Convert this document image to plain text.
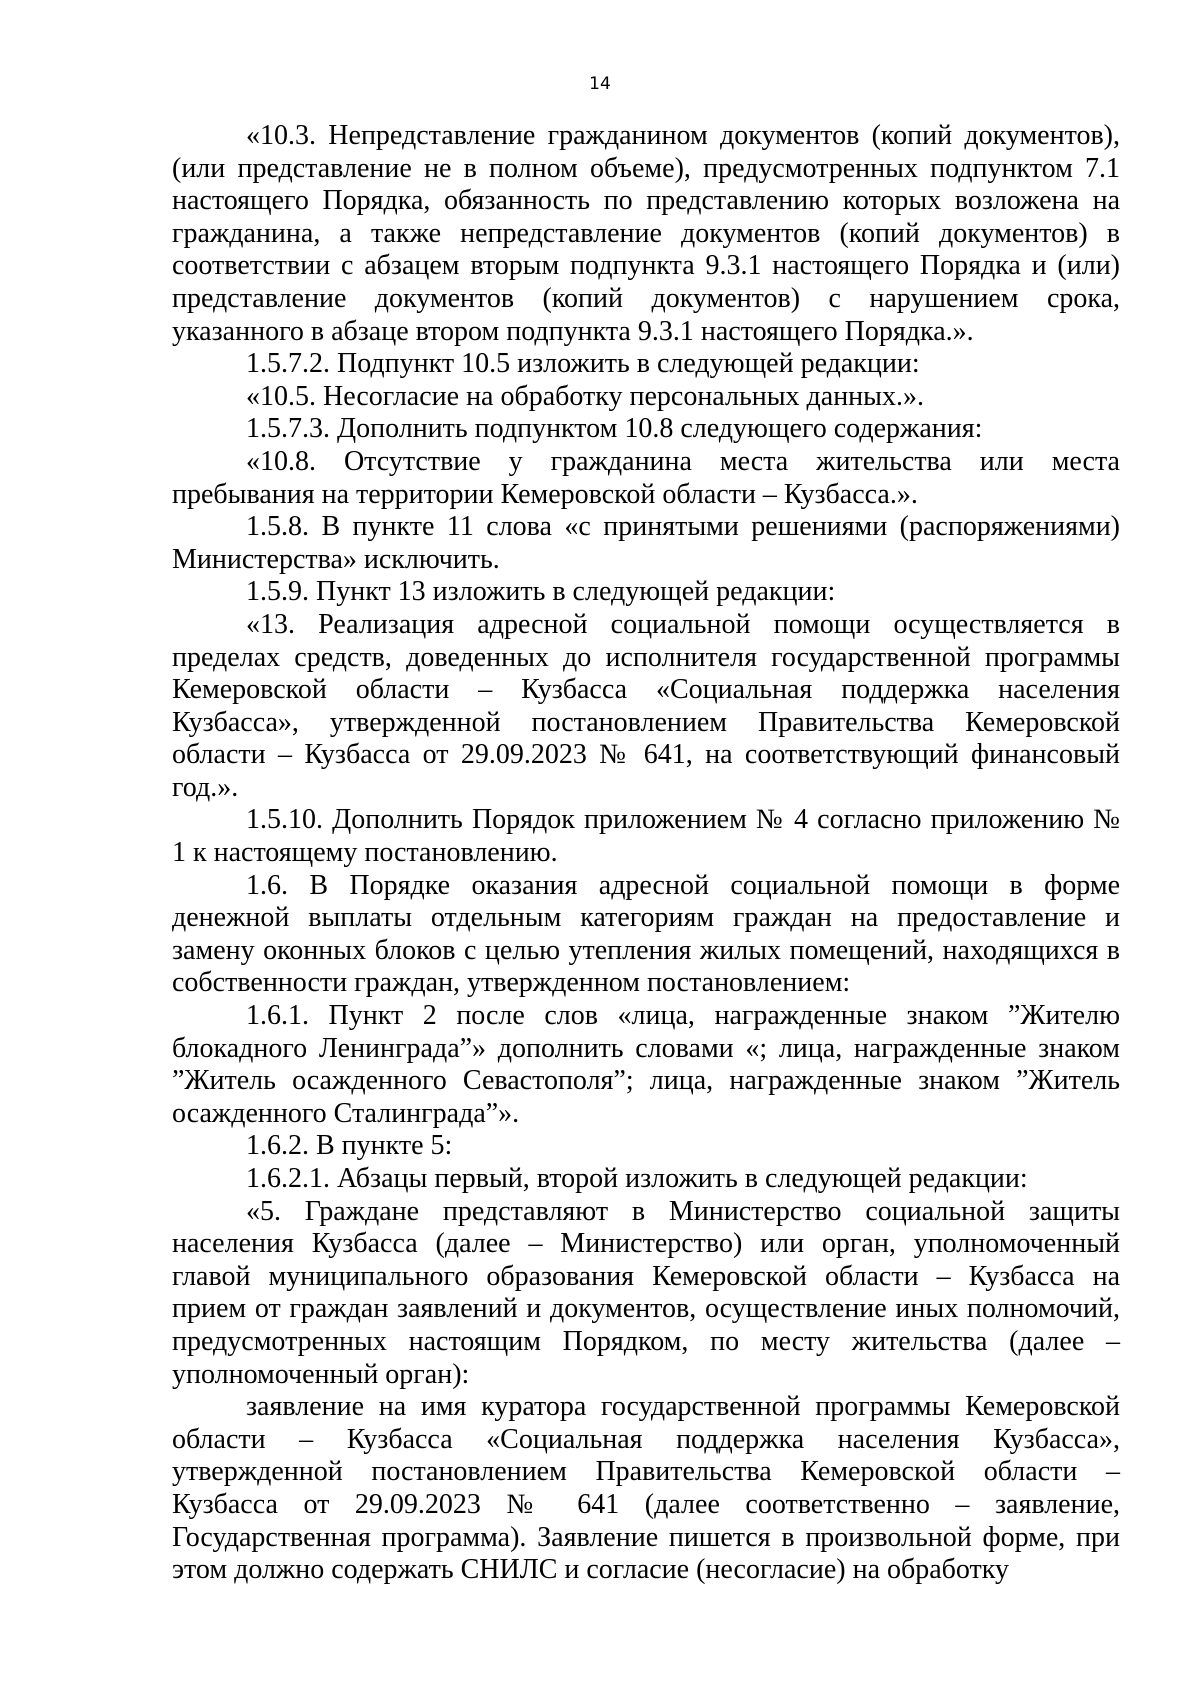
14

«10.3. Непредставление гражданином документов (копий документов), (или представление не в полном объеме), предусмотренных подпунктом 7.1 настоящего Порядка, обязанность по представлению которых возложена на гражданина, а также непредставление документов (копий документов) в соответствии с абзацем вторым подпункта 9.3.1 настоящего Порядка и (или) представление документов (копий документов) с нарушением срока, указанного в абзаце втором подпункта 9.3.1 настоящего Порядка.».

1.5.7.2. Подпункт 10.5 изложить в следующей редакции:

«10.5. Несогласие на обработку персональных данных.».

1.5.7.3. Дополнить подпунктом 10.8 следующего содержания:

«10.8. Отсутствие у гражданина места жительства или места пребывания на территории Кемеровской области – Кузбасса.».

1.5.8. В пункте 11 слова «с принятыми решениями (распоряжениями) Министерства» исключить.

1.5.9. Пункт 13 изложить в следующей редакции:

«13. Реализация адресной социальной помощи осуществляется в пределах средств, доведенных до исполнителя государственной программы Кемеровской области – Кузбасса «Социальная поддержка населения Кузбасса», утвержденной постановлением Правительства Кемеровской области – Кузбасса от 29.09.2023 № 641, на соответствующий финансовый год.».

1.5.10. Дополнить Порядок приложением № 4 согласно приложению № 1 к настоящему постановлению.

1.6. В Порядке оказания адресной социальной помощи в форме денежной выплаты отдельным категориям граждан на предоставление и замену оконных блоков с целью утепления жилых помещений, находящихся в собственности граждан, утвержденном постановлением:

1.6.1. Пункт 2 после слов «лица, награжденные знаком ”Жителю блокадного Ленинграда”» дополнить словами «; лица, награжденные знаком ”Житель осажденного Севастополя”; лица, награжденные знаком ”Житель осажденного Сталинграда”».

1.6.2. В пункте 5:

1.6.2.1. Абзацы первый, второй изложить в следующей редакции:

«5. Граждане представляют в Министерство социальной защиты населения Кузбасса (далее – Министерство) или орган, уполномоченный главой муниципального образования Кемеровской области – Кузбасса на прием от граждан заявлений и документов, осуществление иных полномочий, предусмотренных настоящим Порядком, по месту жительства (далее – уполномоченный орган):

заявление на имя куратора государственной программы Кемеровской области – Кузбасса «Социальная поддержка населения Кузбасса», утвержденной постановлением Правительства Кемеровской области – Кузбасса от 29.09.2023 № 641 (далее соответственно – заявление, Государственная программа). Заявление пишется в произвольной форме, при этом должно содержать СНИЛС и согласие (несогласие) на обработку
